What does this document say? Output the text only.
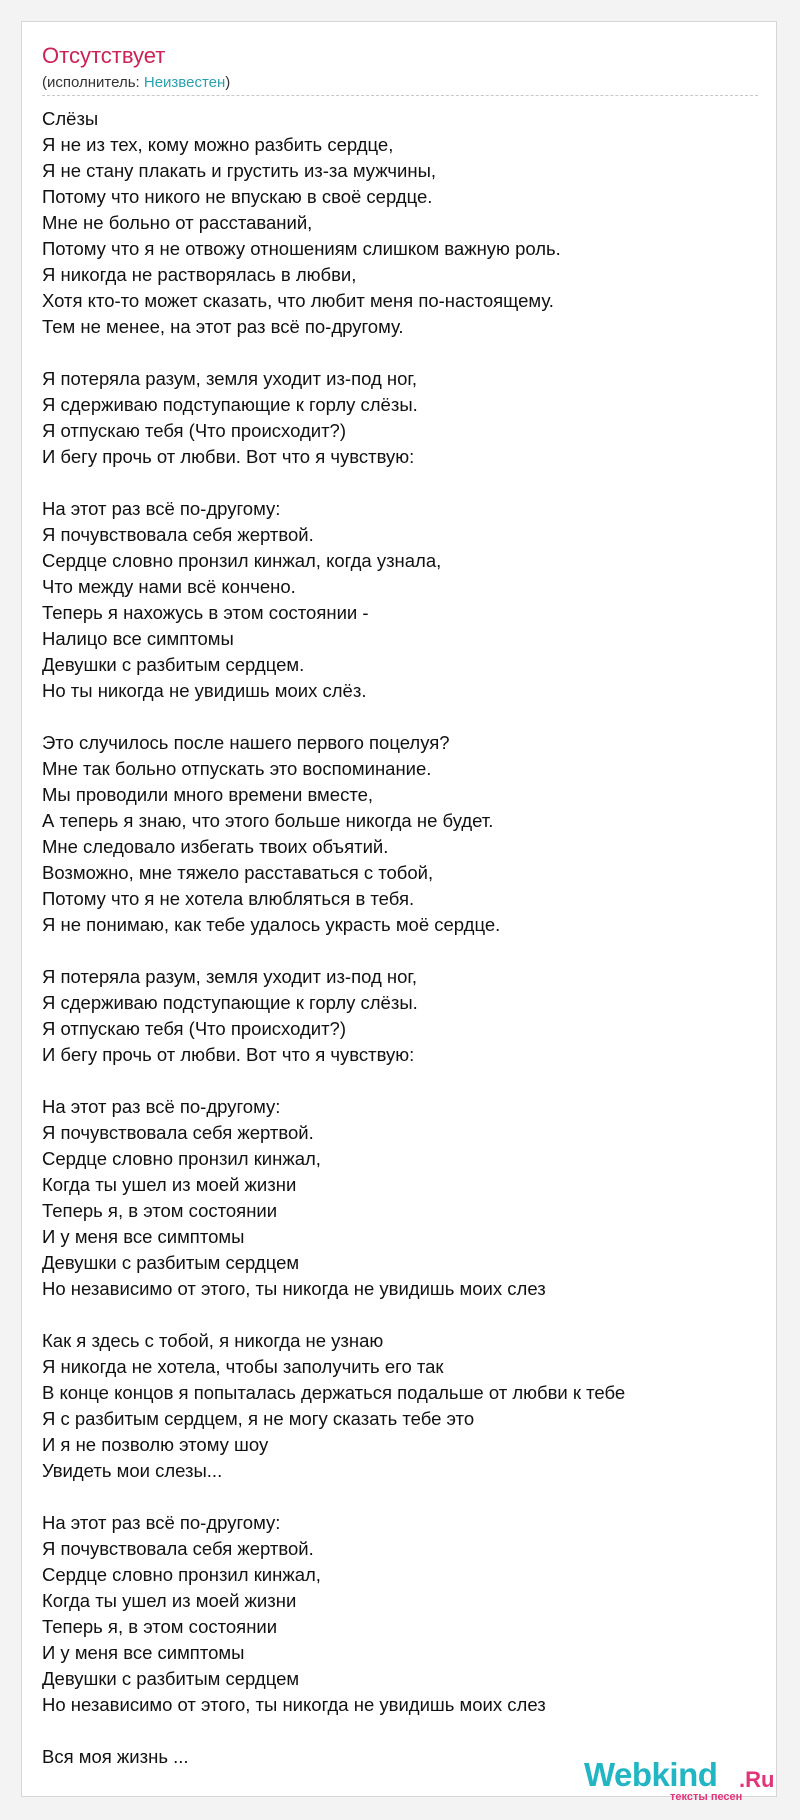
Отсутствует
(исполнитель: Неизвестен)
Слёзы
Я не из тех, кому можно разбить сердце,
Я не стану плакать и грустить из-за мужчины,
Потому что никого не впускаю в своё сердце.
Мне не больно от расставаний,
Потому что я не отвожу отношениям слишком важную роль.
Я никогда не растворялась в любви,
Хотя кто-то может сказать, что любит меня по-настоящему.
Тем не менее, на этот раз всё по-другому.
Я потеряла разум, земля уходит из-под ног,
Я сдерживаю подступающие к горлу слёзы.
Я отпускаю тебя (Что происходит?)
И бегу прочь от любви. Вот что я чувствую:
На этот раз всё по-другому:
Я почувствовала себя жертвой.
Сердце словно пронзил кинжал, когда узнала,
Что между нами всё кончено.
Теперь я нахожусь в этом состоянии -
Налицо все симптомы
Девушки с разбитым сердцем.
Но ты никогда не увидишь моих слёз.
Это случилось после нашего первого поцелуя?
Мне так больно отпускать это воспоминание.
Мы проводили много времени вместе,
А теперь я знаю, что этого больше никогда не будет.
Мне следовало избегать твоих объятий.
Возможно, мне тяжело расставаться с тобой,
Потому что я не хотела влюбляться в тебя.
Я не понимаю, как тебе удалось украсть моё сердце.
Я потеряла разум, земля уходит из-под ног,
Я сдерживаю подступающие к горлу слёзы.
Я отпускаю тебя (Что происходит?)
И бегу прочь от любви. Вот что я чувствую:
На этот раз всё по-другому:
Я почувствовала себя жертвой.
Сердце словно пронзил кинжал,
Когда ты ушел из моей жизни
Теперь я, в этом состоянии
И у меня все симптомы
Девушки с разбитым сердцем
Но независимо от этого, ты никогда не увидишь моих слез
Как я здесь с тобой, я никогда не узнаю
Я никогда не хотела, чтобы заполучить его так
В конце концов я попыталась держаться подальше от любви к тебе
Я с разбитым сердцем, я не могу сказать тебе это
И я не позволю этому шоу
Увидеть мои слезы...
На этот раз всё по-другому:
Я почувствовала себя жертвой.
Сердце словно пронзил кинжал,
Когда ты ушел из моей жизни
Теперь я, в этом состоянии
И у меня все симптомы
Девушки с разбитым сердцем
Но независимо от этого, ты никогда не увидишь моих слез
Вся моя жизнь ...	Webkind .Ru
тексты песен
